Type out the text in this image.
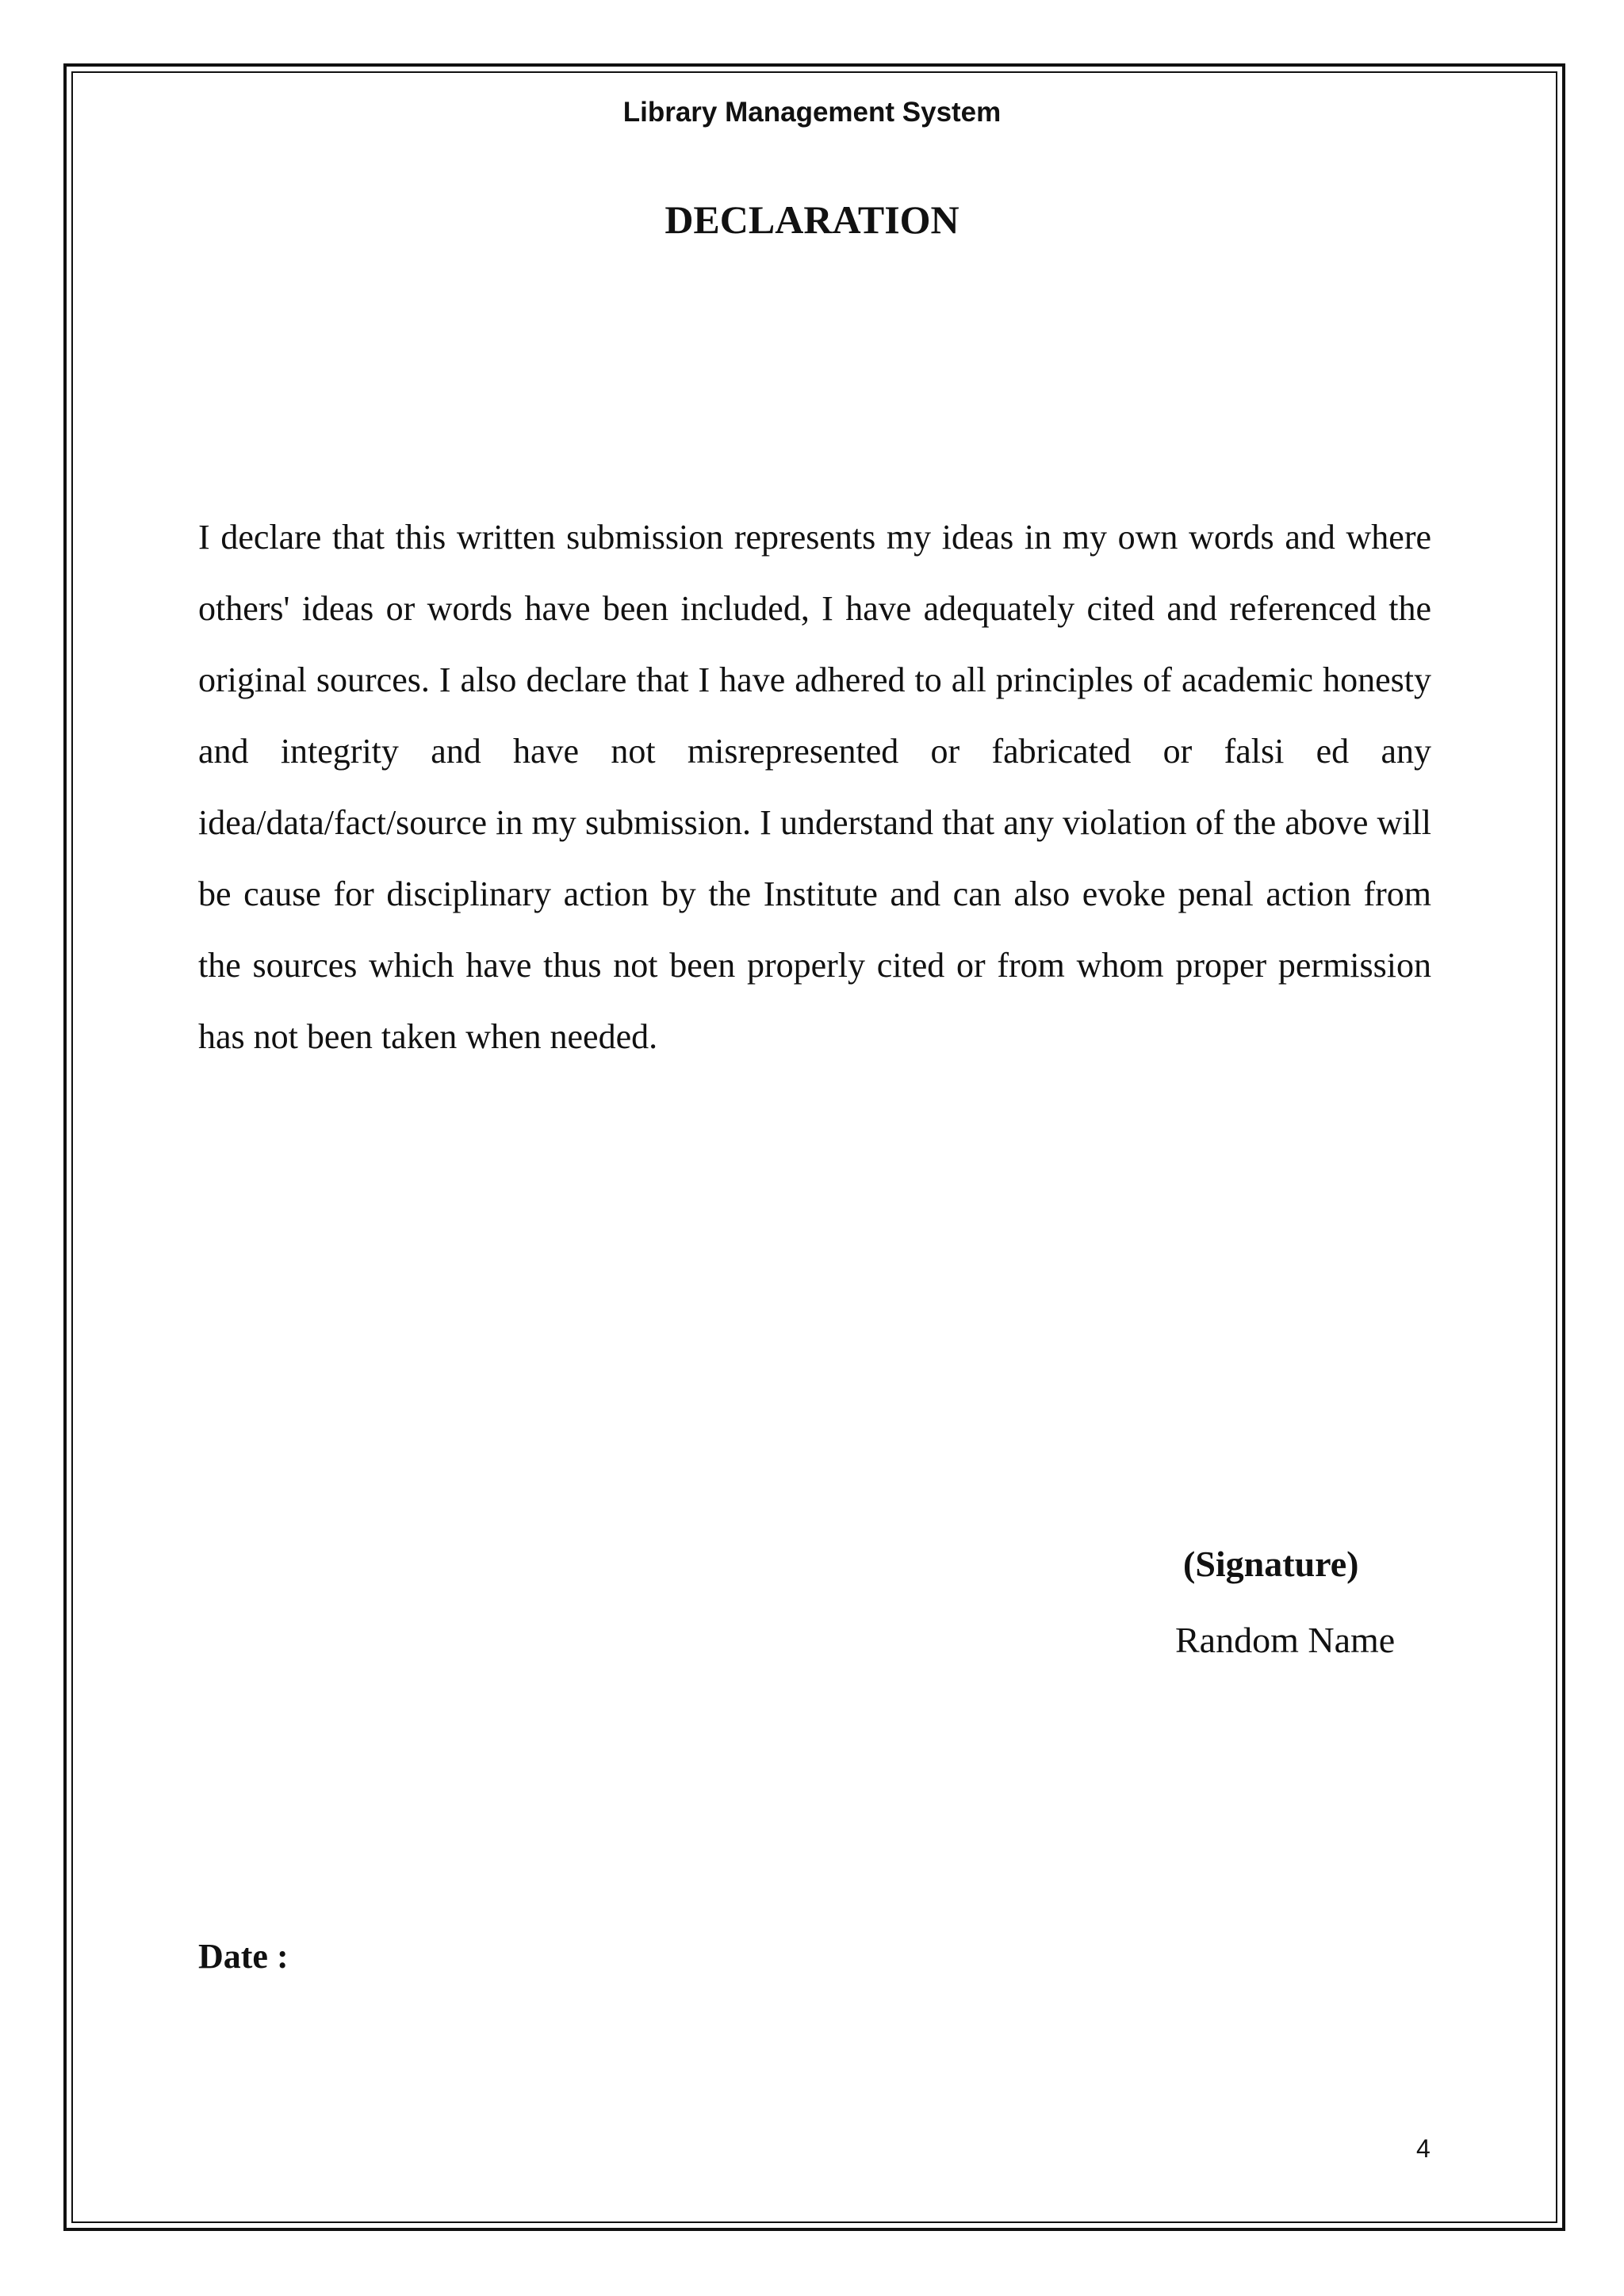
Library Management System
DECLARATION

I declare that this written submission represents my ideas in my own words and where others' ideas or words have been included, I have adequately cited and referenced the original sources. I also declare that I have adhered to all principles of academic honesty and integrity and have not misrepresented or fabricated or falsi ed any idea/data/fact/source in my submission. I understand that any violation of the above will be cause for disciplinary action by the Institute and can also evoke penal action from the sources which have thus not been properly cited or from whom proper permission has not been taken when needed.

(Signature)
Random Name
Date :
4
